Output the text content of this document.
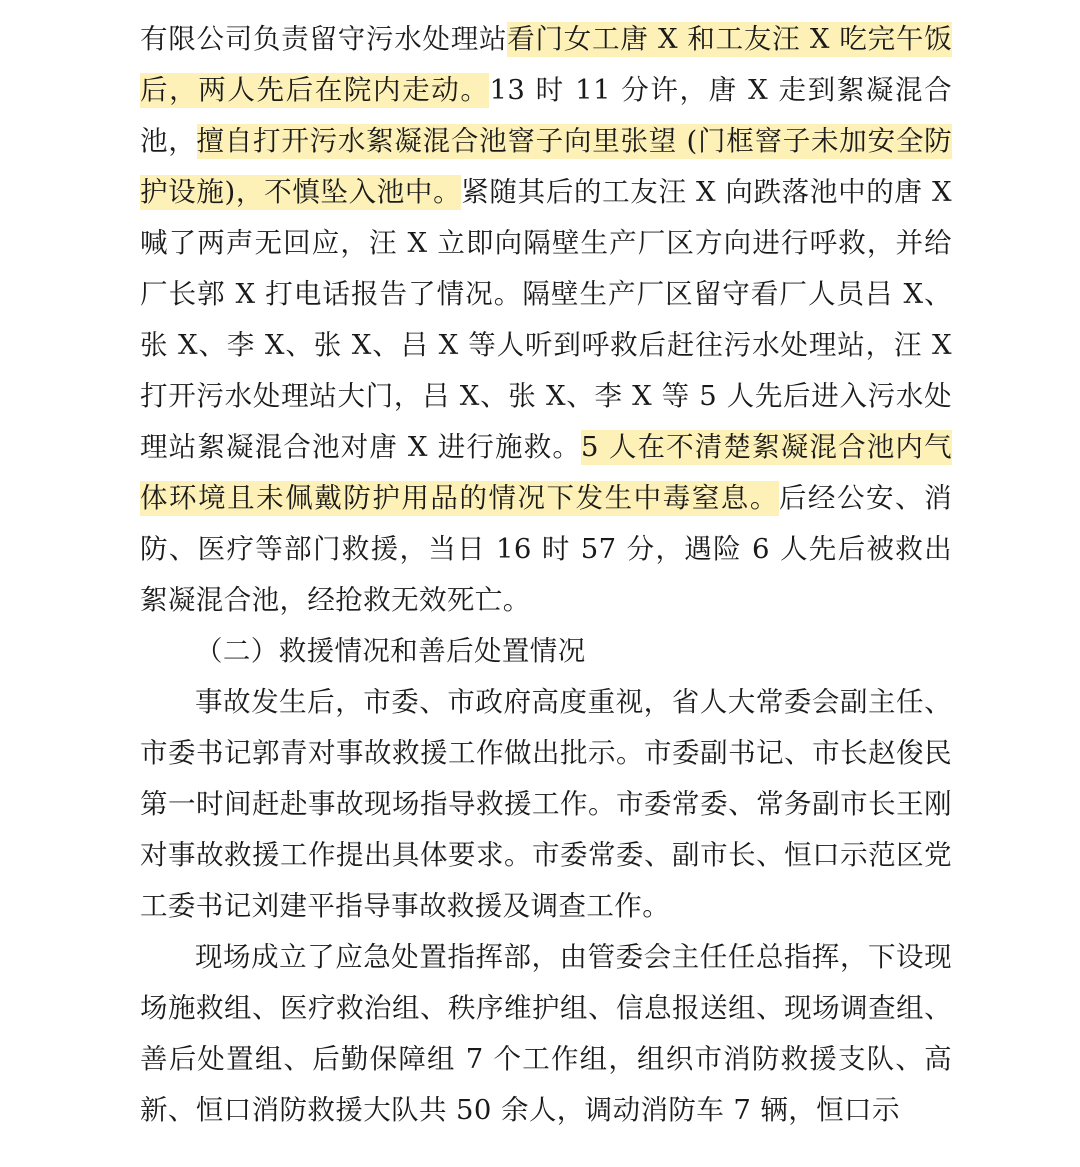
有限公司负责留守污水处理站看门女工唐 X 和工友汪 X 吃完午饭后，两人先后在院内走动。13 时 11 分许，唐 X 走到絮凝混合池，擅自打开污水絮凝混合池窨子向里张望 (门框窨子未加安全防护设施)，不慎坠入池中。紧随其后的工友汪 X 向跌落池中的唐 X 喊了两声无回应，汪 X 立即向隔壁生产厂区方向进行呼救，并给厂长郭 X 打电话报告了情况。隔壁生产厂区留守看厂人员吕 X、张 X、李 X、张 X、吕 X 等人听到呼救后赶往污水处理站，汪 X 打开污水处理站大门，吕 X、张 X、李 X 等 5 人先后进入污水处理站絮凝混合池对唐 X 进行施救。5 人在不清楚絮凝混合池内气体环境且未佩戴防护用品的情况下发生中毒窒息。后经公安、消防、医疗等部门救援，当日 16 时 57 分，遇险 6 人先后被救出絮凝混合池，经抢救无效死亡。

（二）救援情况和善后处置情况

事故发生后，市委、市政府高度重视，省人大常委会副主任、市委书记郭青对事故救援工作做出批示。市委副书记、市长赵俊民第一时间赶赴事故现场指导救援工作。市委常委、常务副市长王刚对事故救援工作提出具体要求。市委常委、副市长、恒口示范区党工委书记刘建平指导事故救援及调查工作。

现场成立了应急处置指挥部，由管委会主任任总指挥，下设现场施救组、医疗救治组、秩序维护组、信息报送组、现场调查组、善后处置组、后勤保障组 7 个工作组，组织市消防救援支队、高新、恒口消防救援大队共 50 余人，调动消防车 7 辆，恒口示
